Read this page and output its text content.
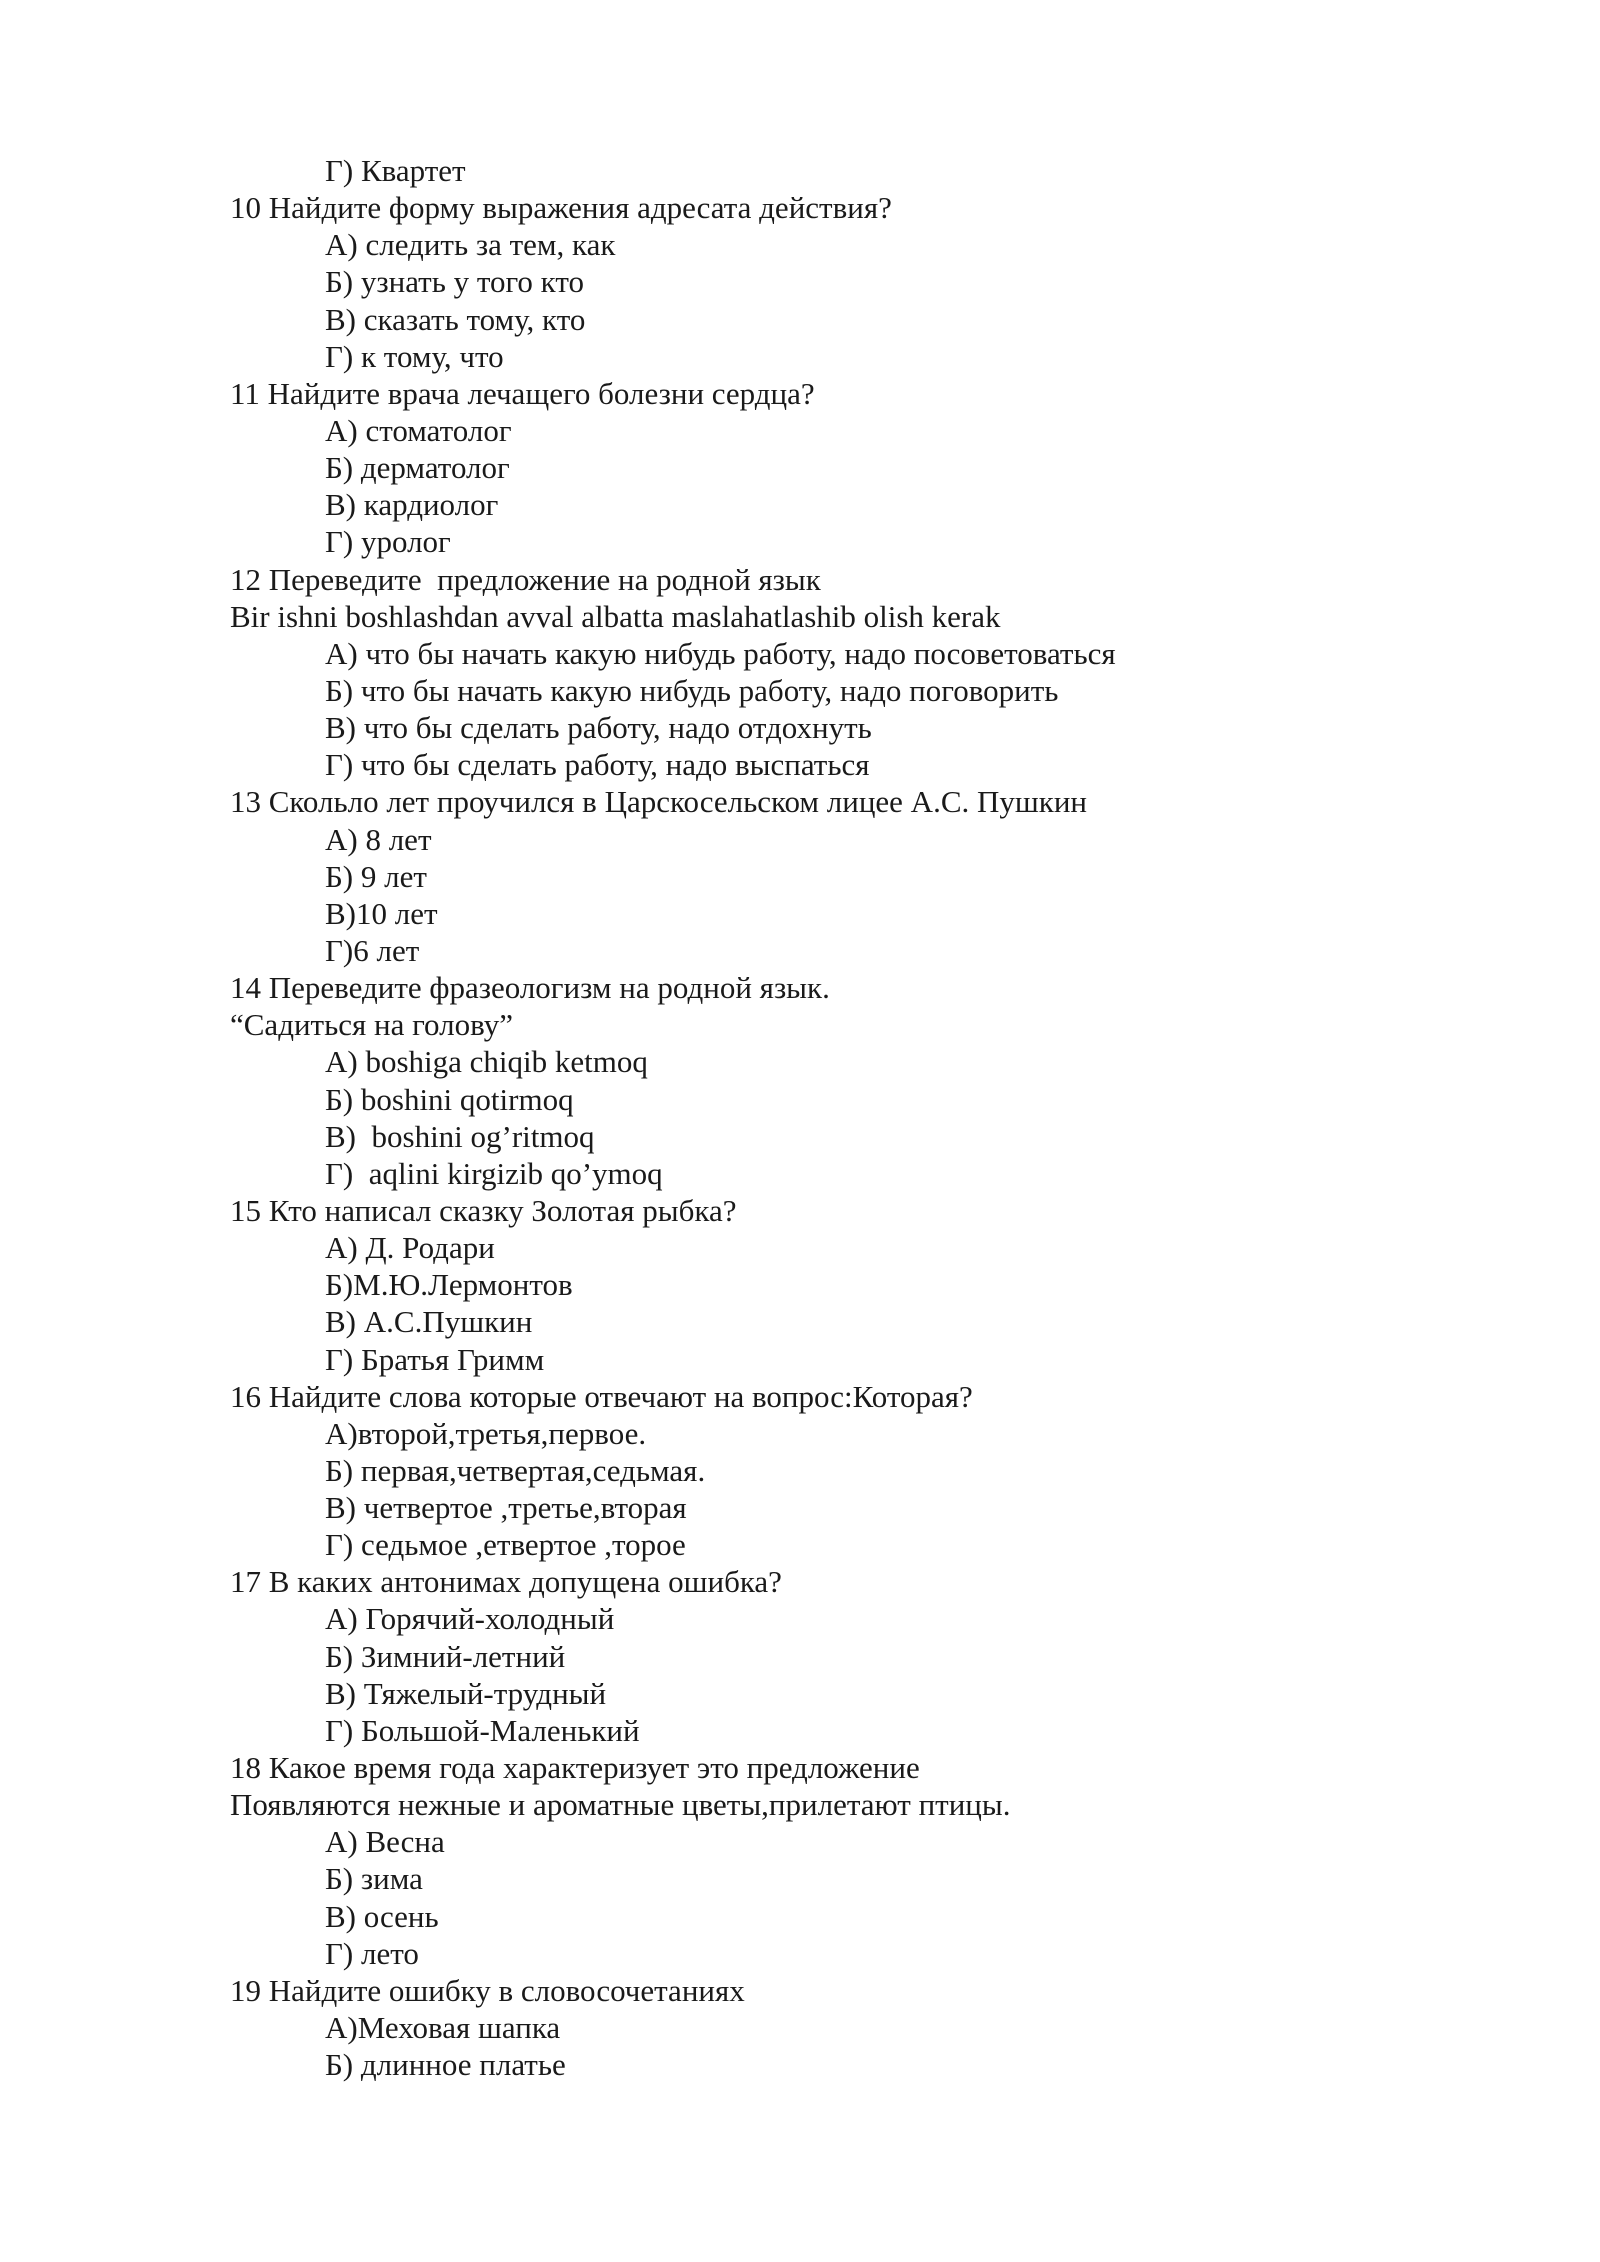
Г) Квартет

10 Найдите форму выражения адресата действия?

А) следить за тем, как

Б) узнать у того кто

В) сказать тому, кто

Г) к тому, что

11 Найдите врача лечащего болезни сердца?

А) стоматолог

Б) дерматолог

В) кардиолог

Г) уролог

12 Переведите  предложение на родной язык

Bir ishni boshlashdan avval albatta maslahatlashib olish kerak

А) что бы начать какую нибудь работу, надо посоветоваться

Б) что бы начать какую нибудь работу, надо поговорить

В) что бы сделать работу, надо отдохнуть

Г) что бы сделать работу, надо выспаться

13 Скольло лет проучился в Царскосельском лицее А.С. Пушкин

А) 8 лет

Б) 9 лет

В)10 лет

Г)6 лет

14 Переведите фразеологизм на родной язык.

“Садиться на голову”

А) boshiga chiqib ketmoq

Б) boshini qotirmoq

В)  boshini og’ritmoq

Г)  aqlini kirgizib qo’ymoq

15 Кто написал сказку Золотая рыбка?

А) Д. Родари

Б)М.Ю.Лермонтов

В) А.С.Пушкин

Г) Братья Гримм

16 Найдите слова которые отвечают на вопрос:Которая?

А)второй,третья,первое.

Б) первая,четвертая,седьмая.

В) четвертое ,третье,вторая

Г) седьмое ,етвертое ,торое

17 В каких антонимах допущена ошибка?

А) Горячий-холодный

Б) Зимний-летний

В) Тяжелый-трудный

Г) Большой-Маленький

18 Какое время года характеризует это предложение

Появляются нежные и ароматные цветы,прилетают птицы.

А) Весна

Б) зима

В) осень

Г) лето

19 Найдите ошибку в словосочетаниях

А)Меховая шапка

Б) длинное платье
